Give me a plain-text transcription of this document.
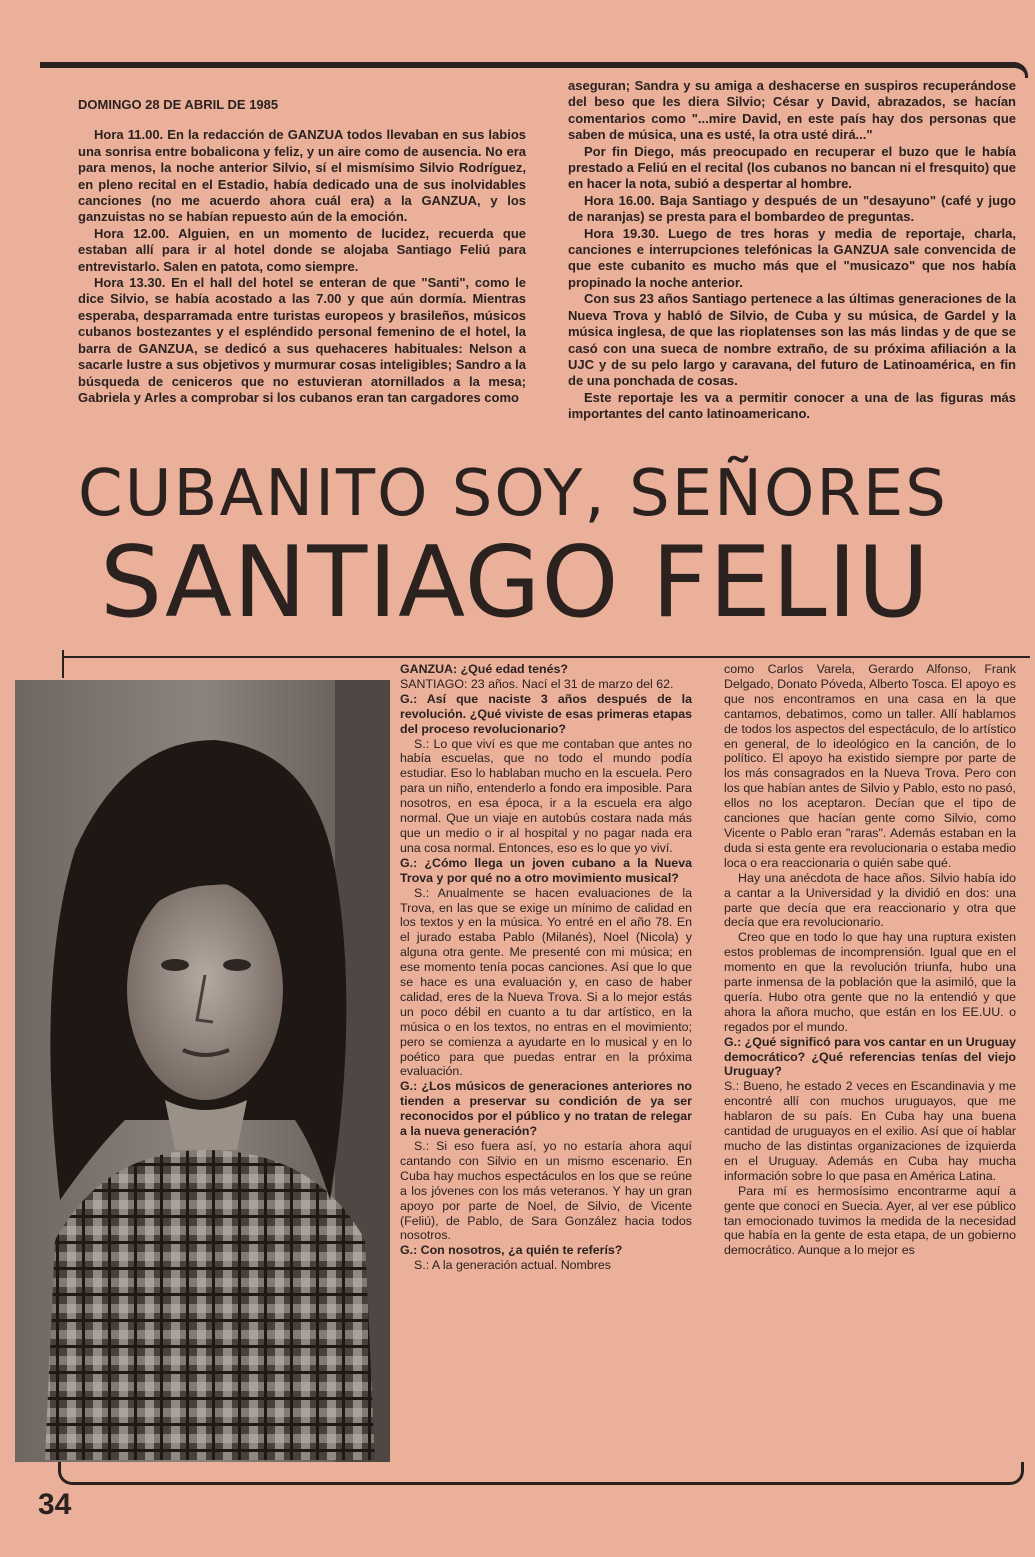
DOMINGO 28 DE ABRIL DE 1985

Hora 11.00. En la redacción de GANZUA todos llevaban en sus labios una sonrisa entre bobalicona y feliz, y un aire como de ausencia. No era para menos, la noche anterior Silvio, sí el mismísimo Silvio Rodríguez, en pleno recital en el Estadio, había dedicado una de sus inolvidables canciones (no me acuerdo ahora cuál era) a la GANZUA, y los ganzuistas no se habían repuesto aún de la emoción.

Hora 12.00. Alguien, en un momento de lucidez, recuerda que estaban allí para ir al hotel donde se alojaba Santiago Feliú para entrevistarlo. Salen en patota, como siempre.

Hora 13.30. En el hall del hotel se enteran de que "Santi", como le dice Silvio, se había acostado a las 7.00 y que aún dormía. Mientras esperaba, desparramada entre turistas europeos y brasileños, músicos cubanos bostezantes y el espléndido personal femenino de el hotel, la barra de GANZUA, se dedicó a sus quehaceres habituales: Nelson a sacarle lustre a sus objetivos y murmurar cosas inteligibles; Sandro a la búsqueda de ceniceros que no estuvieran atornillados a la mesa; Gabriela y Arles a comprobar si los cubanos eran tan cargadores como

aseguran; Sandra y su amiga a deshacerse en suspiros recuperándose del beso que les diera Silvio; César y David, abrazados, se hacían comentarios como "...mire David, en este país hay dos personas que saben de música, una es usté, la otra usté dirá..."

Por fin Diego, más preocupado en recuperar el buzo que le había prestado a Feliú en el recital (los cubanos no bancan ni el fresquito) que en hacer la nota, subió a despertar al hombre.

Hora 16.00. Baja Santiago y después de un "desayuno" (café y jugo de naranjas) se presta para el bombardeo de preguntas.

Hora 19.30. Luego de tres horas y media de reportaje, charla, canciones e interrupciones telefónicas la GANZUA sale convencida de que este cubanito es mucho más que el "musicazo" que nos había propinado la noche anterior.

Con sus 23 años Santiago pertenece a las últimas generaciones de la Nueva Trova y habló de Silvio, de Cuba y su música, de Gardel y la música inglesa, de que las rioplatenses son las más lindas y de que se casó con una sueca de nombre extraño, de su próxima afiliación a la UJC y de su pelo largo y caravana, del futuro de Latinoamérica, en fin de una ponchada de cosas.

Este reportaje les va a permitir conocer a una de las figuras más importantes del canto latinoamericano.

CUBANITO SOY, SEÑORES
SANTIAGO FELIU

GANZUA: ¿Qué edad tenés?

SANTIAGO: 23 años. Nací el 31 de marzo del 62.

G.: Así que naciste 3 años después de la revolución. ¿Qué viviste de esas primeras etapas del proceso revolucionario?

S.: Lo que viví es que me contaban que antes no había escuelas, que no todo el mundo podía estudiar. Eso lo hablaban mucho en la escuela. Pero para un niño, entenderlo a fondo era imposible. Para nosotros, en esa época, ir a la escuela era algo normal. Que un viaje en autobús costara nada más que un medio o ir al hospital y no pagar nada era una cosa normal. Entonces, eso es lo que yo viví.

G.: ¿Cómo llega un joven cubano a la Nueva Trova y por qué no a otro movimiento musical?

S.: Anualmente se hacen evaluaciones de la Trova, en las que se exige un mínimo de calidad en los textos y en la música. Yo entré en el año 78. En el jurado estaba Pablo (Milanés), Noel (Nicola) y alguna otra gente. Me presenté con mi música; en ese momento tenía pocas canciones. Así que lo que se hace es una evaluación y, en caso de haber calidad, eres de la Nueva Trova. Si a lo mejor estás un poco débil en cuanto a tu dar artístico, en la música o en los textos, no entras en el movimiento; pero se comienza a ayudarte en lo musical y en lo poético para que puedas entrar en la próxima evaluación.

G.: ¿Los músicos de generaciones anteriores no tienden a preservar su condición de ya ser reconocidos por el público y no tratan de relegar a la nueva generación?

S.: Si eso fuera así, yo no estaría ahora aquí cantando con Silvio en un mismo escenario. En Cuba hay muchos espectáculos en los que se reúne a los jóvenes con los más veteranos. Y hay un gran apoyo por parte de Noel, de Silvio, de Vicente (Feliú), de Pablo, de Sara González hacia todos nosotros.

G.: Con nosotros, ¿a quién te referís?

S.: A la generación actual. Nombres

como Carlos Varela, Gerardo Alfonso, Frank Delgado, Donato Póveda, Alberto Tosca. El apoyo es que nos encontramos en una casa en la que cantamos, debatimos, como un taller. Allí hablamos de todos los aspectos del espectáculo, de lo artístico en general, de lo ideológico en la canción, de lo político. El apoyo ha existido siempre por parte de los más consagrados en la Nueva Trova. Pero con los que habían antes de Silvio y Pablo, esto no pasó, ellos no los aceptaron. Decían que el tipo de canciones que hacían gente como Silvio, como Vicente o Pablo eran "raras". Además estaban en la duda si esta gente era revolucionaria o estaba medio loca o era reaccionaria o quién sabe qué.

Hay una anécdota de hace años. Silvio había ido a cantar a la Universidad y la dividió en dos: una parte que decía que era reaccionario y otra que decía que era revolucionario.

Creo que en todo lo que hay una ruptura existen estos problemas de incomprensión. Igual que en el momento en que la revolución triunfa, hubo una parte inmensa de la población que la asimiló, que la quería. Hubo otra gente que no la entendió y que ahora la añora mucho, que están en los EE.UU. o regados por el mundo.

G.: ¿Qué significó para vos cantar en un Uruguay democrático? ¿Qué referencias tenías del viejo Uruguay?

S.: Bueno, he estado 2 veces en Escandinavia y me encontré allí con muchos uruguayos, que me hablaron de su país. En Cuba hay una buena cantidad de uruguayos en el exilio. Así que oí hablar mucho de las distintas organizaciones de izquierda en el Uruguay. Además en Cuba hay mucha información sobre lo que pasa en América Latina.

Para mí es hermosísimo encontrarme aquí a gente que conocí en Suecia. Ayer, al ver ese público tan emocionado tuvimos la medida de la necesidad que había en la gente de esta etapa, de un gobierno democrático. Aunque a lo mejor es

34
